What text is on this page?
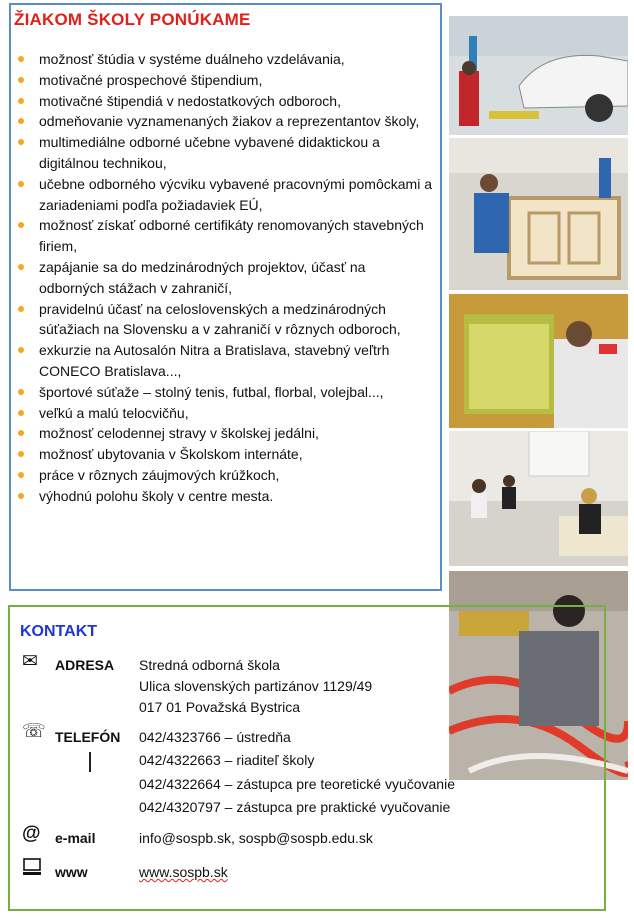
ŽIAKOM ŠKOLY PONÚKAME
možnosť štúdia v systéme duálneho vzdelávania,
motivačné prospechové štipendium,
motivačné štipendiá v nedostatkových odboroch,
odmeňovanie vyznamenaných žiakov a reprezentantov školy,
multimediálne odborné učebne vybavené didaktickou a digitálnou technikou,
učebne odborného výcviku vybavené pracovnými pomôckami a zariadeniami podľa požiadaviek EÚ,
možnosť získať odborné certifikáty renomovaných stavebných firiem,
zapájanie sa do medzinárodných projektov, účasť na odborných stážach v zahraničí,
pravidelnú účasť na celoslovenských a medzinárodných súťažiach na Slovensku a v zahraničí v rôznych odboroch,
exkurzie na Autosalón Nitra a Bratislava, stavebný veľtrh CONECO Bratislava...,
športové súťaže – stolný tenis, futbal, florbal, volejbal...,
veľkú a malú telocvičňu,
možnosť celodennej stravy v školskej jedálni,
možnosť ubytovania v Školskom internáte,
práce v rôznych záujmových krúžkoch,
výhodnú polohu školy v centre mesta.
KONTAKT
✉ ADRESA Stredná odborná škola
Ulica slovenských partizánov 1129/49
017 01 Považská Bystrica
☏ TELEFÓN 042/4323766 – ústredňa
042/4322663 – riaditeľ školy
042/4322664 – zástupca pre teoretické vyučovanie
042/4320797 – zástupca pre praktické vyučovanie
@ e-mail	info@sospb.sk, sospb@sospb.edu.sk
www	www.sospb.sk
